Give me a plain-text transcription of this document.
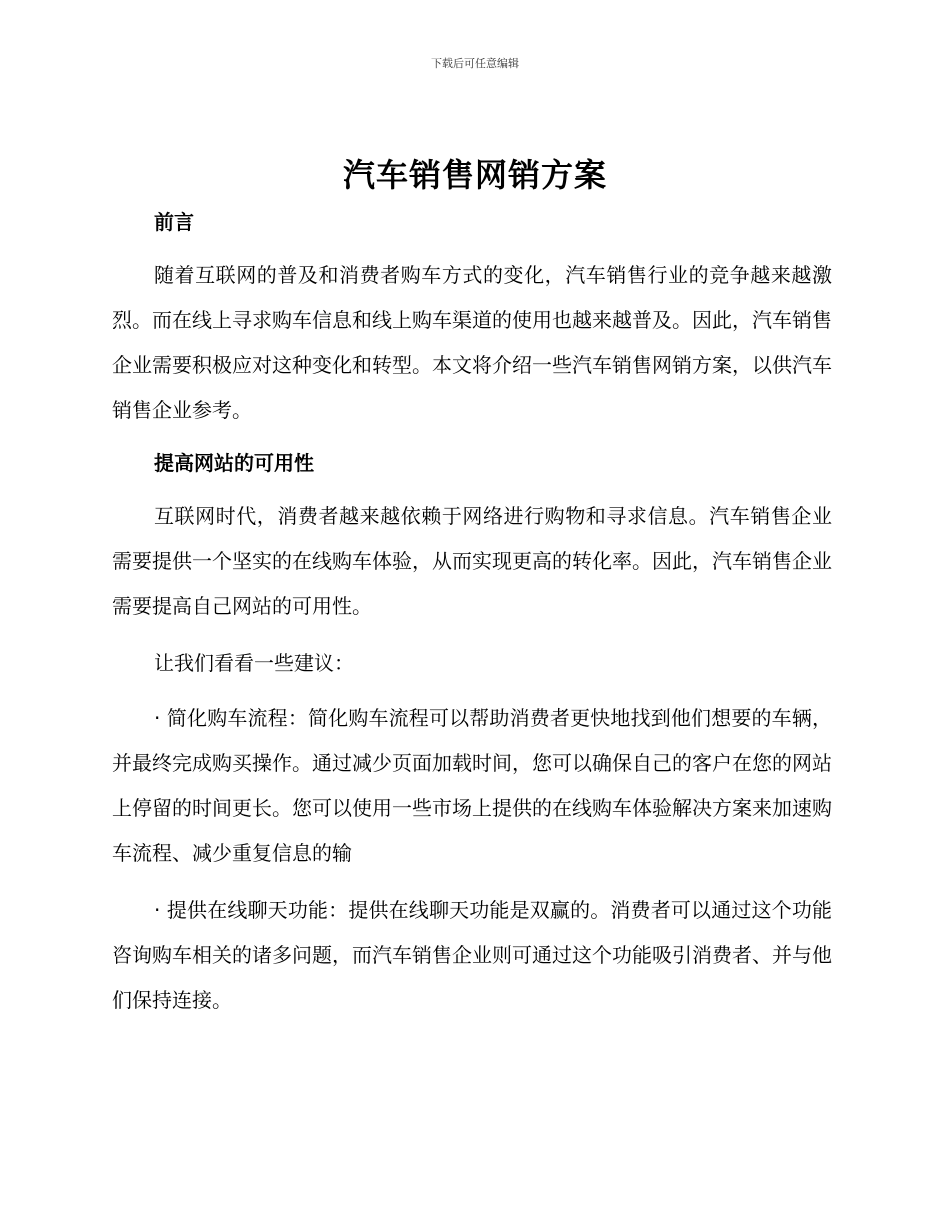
下载后可任意编辑
汽车销售网销方案
前言

随着互联网的普及和消费者购车方式的变化，汽车销售行业的竞争越来越激烈。而在线上寻求购车信息和线上购车渠道的使用也越来越普及。因此，汽车销售企业需要积极应对这种变化和转型。本文将介绍一些汽车销售网销方案，以供汽车销售企业参考。

提高网站的可用性

互联网时代，消费者越来越依赖于网络进行购物和寻求信息。汽车销售企业需要提供一个坚实的在线购车体验，从而实现更高的转化率。因此，汽车销售企业需要提高自己网站的可用性。

让我们看看一些建议：

· 简化购车流程：简化购车流程可以帮助消费者更快地找到他们想要的车辆，并最终完成购买操作。通过减少页面加载时间，您可以确保自己的客户在您的网站上停留的时间更长。您可以使用一些市场上提供的在线购车体验解决方案来加速购车流程、减少重复信息的输

· 提供在线聊天功能：提供在线聊天功能是双赢的。消费者可以通过这个功能咨询购车相关的诸多问题，而汽车销售企业则可通过这个功能吸引消费者、并与他们保持连接。
